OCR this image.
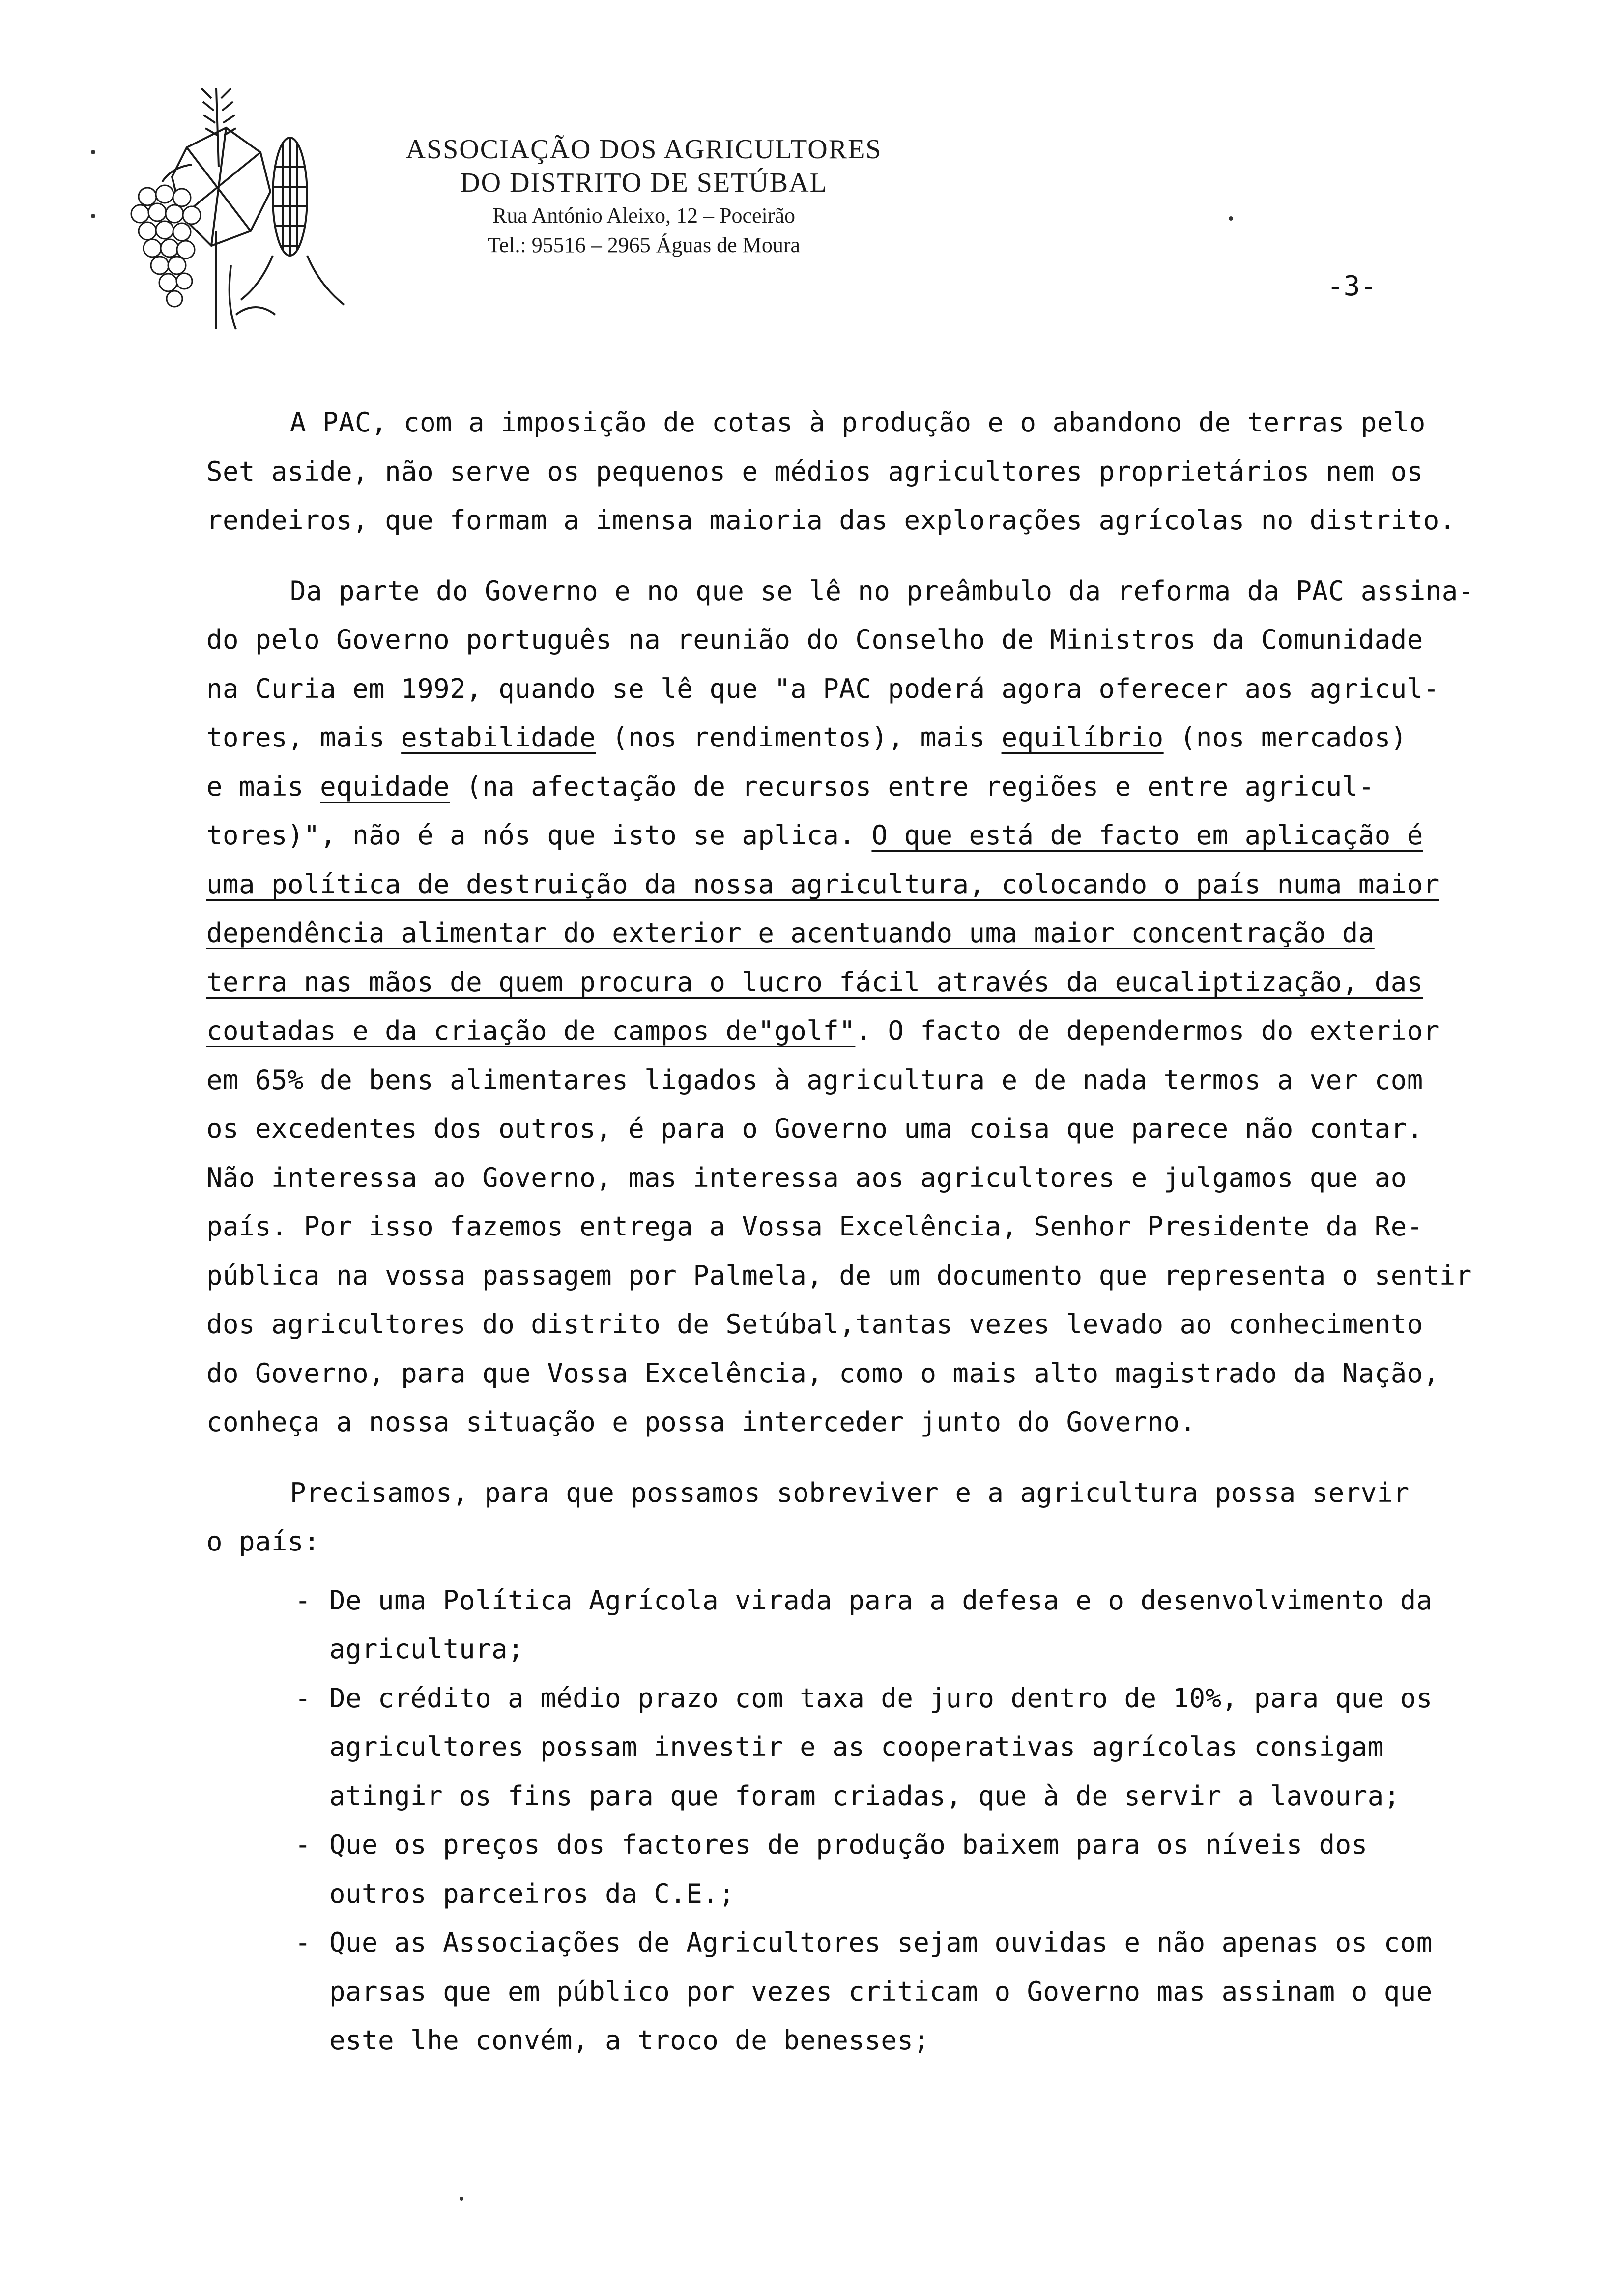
ASSOCIAÇÃO DOS AGRICULTORES
DO DISTRITO DE SETÚBAL
Rua António Aleixo, 12 – Poceirão
Tel.: 95516 – 2965 Águas de Moura
-3-
A PAC, com a imposição de cotas à produção e o abandono de terras pelo
Set aside, não serve os pequenos e médios agricultores proprietários nem os
rendeiros, que formam a imensa maioria das explorações agrícolas no distrito.
Da parte do Governo e no que se lê no preâmbulo da reforma da PAC assina-
do pelo Governo português na reunião do Conselho de Ministros da Comunidade
na Curia em 1992, quando se lê que "a PAC poderá agora oferecer aos agricul-
tores, mais estabilidade (nos rendimentos), mais equilíbrio (nos mercados)
e mais equidade (na afectação de recursos entre regiões e entre agricul-
tores)", não é a nós que isto se aplica. O que está de facto em aplicação é
uma política de destruição da nossa agricultura, colocando o país numa maior
dependência alimentar do exterior e acentuando uma maior concentração da
terra nas mãos de quem procura o lucro fácil através da eucaliptização, das
coutadas e da criação de campos de"golf". O facto de dependermos do exterior
em 65% de bens alimentares ligados à agricultura e de nada termos a ver com
os excedentes dos outros, é para o Governo uma coisa que parece não contar.
Não interessa ao Governo, mas interessa aos agricultores e julgamos que ao
país. Por isso fazemos entrega a Vossa Excelência, Senhor Presidente da Re-
pública na vossa passagem por Palmela, de um documento que representa o sentir
dos agricultores do distrito de Setúbal,tantas vezes levado ao conhecimento
do Governo, para que Vossa Excelência, como o mais alto magistrado da Nação,
conheça a nossa situação e possa interceder junto do Governo.
Precisamos, para que possamos sobreviver e a agricultura possa servir
o país:
- De uma Política Agrícola virada para a defesa e o desenvolvimento da
agricultura;
- De crédito a médio prazo com taxa de juro dentro de 10%, para que os
agricultores possam investir e as cooperativas agrícolas consigam
atingir os fins para que foram criadas, que à de servir a lavoura;
- Que os preços dos factores de produção baixem para os níveis dos
outros parceiros da C.E.;
- Que as Associações de Agricultores sejam ouvidas e não apenas os com
parsas que em público por vezes criticam o Governo mas assinam o que
este lhe convém, a troco de benesses;
